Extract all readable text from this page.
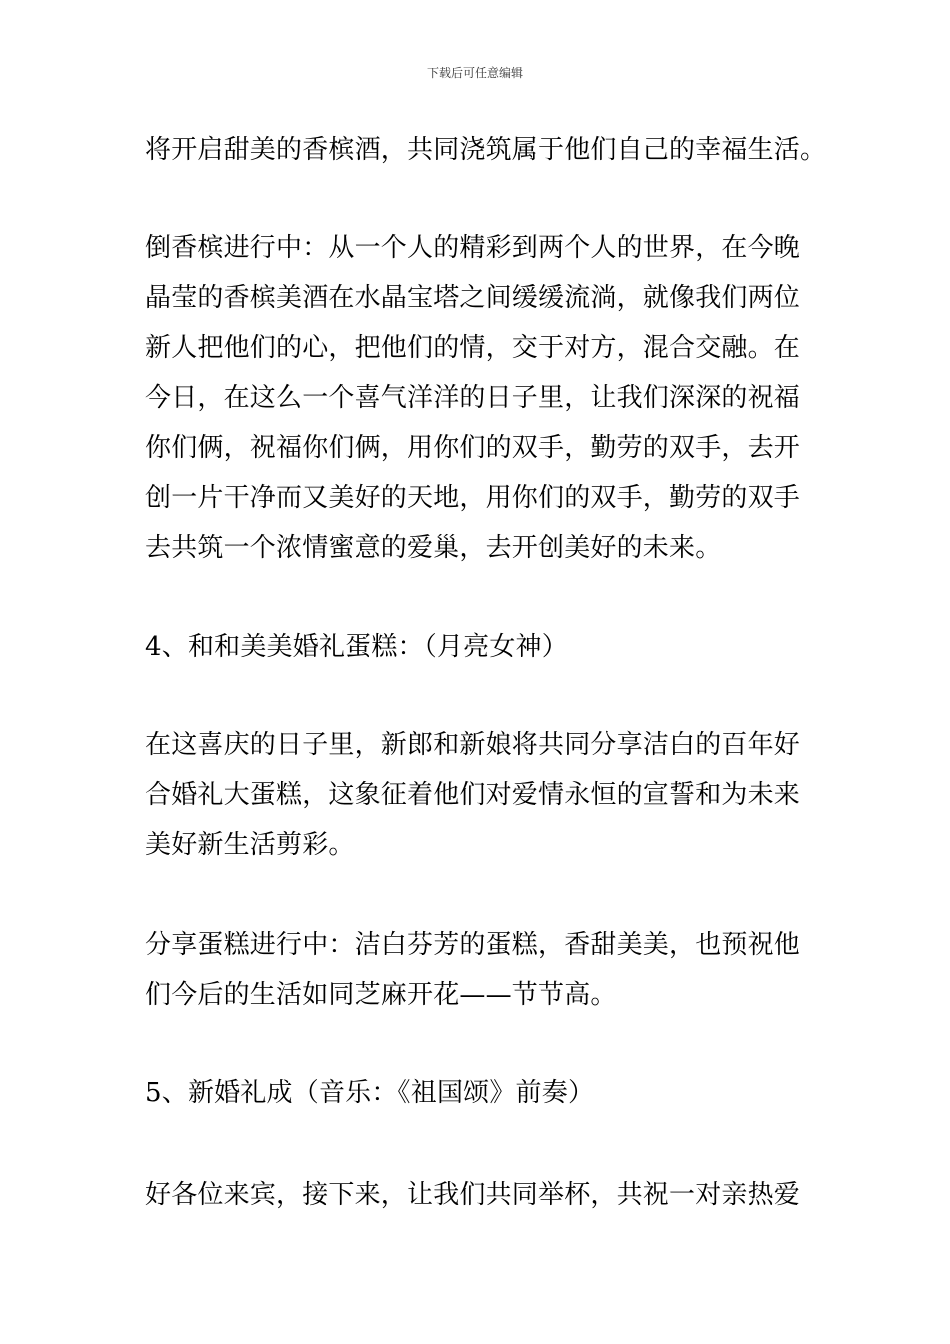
下载后可任意编辑
将开启甜美的香槟酒，共同浇筑属于他们自己的幸福生活。
倒香槟进行中：从一个人的精彩到两个人的世界，在今晚
晶莹的香槟美酒在水晶宝塔之间缓缓流淌，就像我们两位
新人把他们的心，把他们的情，交于对方，混合交融。在
今日，在这么一个喜气洋洋的日子里，让我们深深的祝福
你们俩，祝福你们俩，用你们的双手，勤劳的双手，去开
创一片干净而又美好的天地，用你们的双手，勤劳的双手
去共筑一个浓情蜜意的爱巢，去开创美好的未来。
4、和和美美婚礼蛋糕：（月亮女神）
在这喜庆的日子里，新郎和新娘将共同分享洁白的百年好
合婚礼大蛋糕，这象征着他们对爱情永恒的宣誓和为未来
美好新生活剪彩。
分享蛋糕进行中：洁白芬芳的蛋糕，香甜美美，也预祝他
们今后的生活如同芝麻开花——节节高。
5、新婚礼成（音乐：《祖国颂》前奏）
好各位来宾，接下来，让我们共同举杯，共祝一对亲热爱
